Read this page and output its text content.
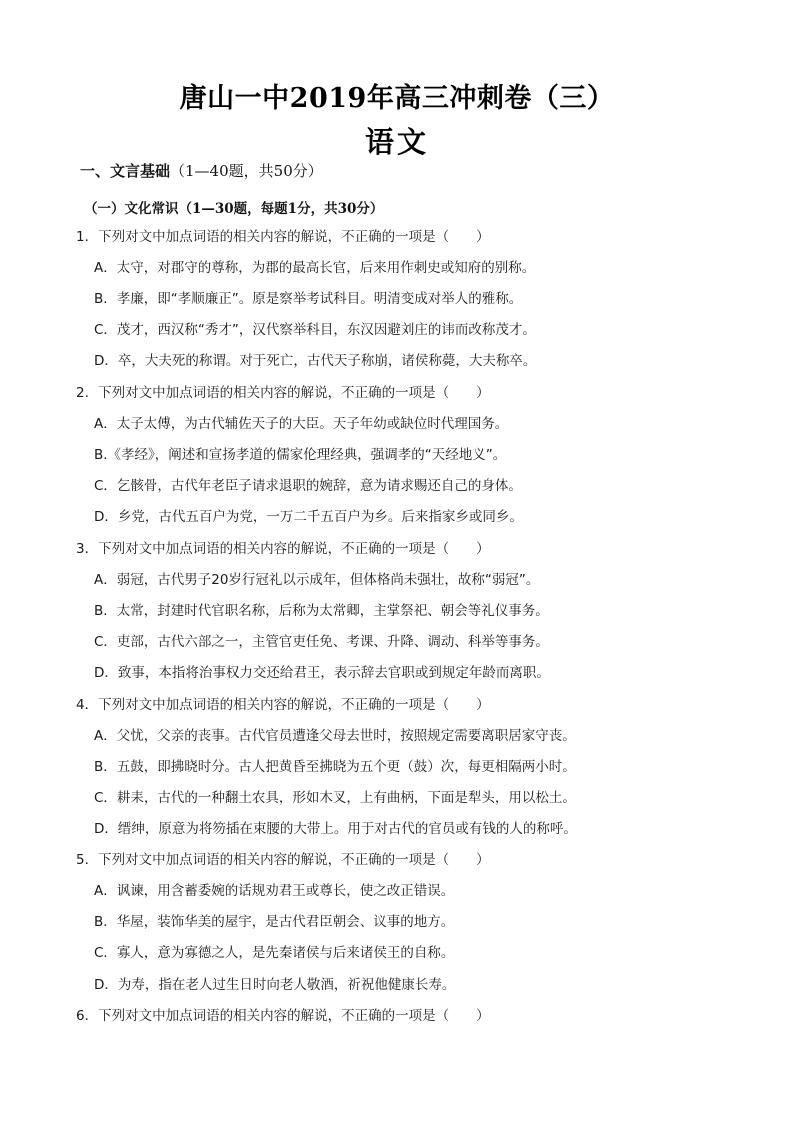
唐山一中2019年高三冲刺卷（三）
语文
一、文言基础（1—40题，共50分）
（一）文化常识（1—30题，每题1分，共30分）
1．下列对文中加点词语的相关内容的解说，不正确的一项是（　　）
A．太守，对郡守的尊称，为郡的最高长官，后来用作刺史或知府的别称。
B．孝廉，即“孝顺廉正”。原是察举考试科目。明清变成对举人的雅称。
C．茂才，西汉称“秀才”，汉代察举科目，东汉因避刘庄的讳而改称茂才。
D．卒，大夫死的称谓。对于死亡，古代天子称崩，诸侯称薨，大夫称卒。
2．下列对文中加点词语的相关内容的解说，不正确的一项是（　　）
A．太子太傅，为古代辅佐天子的大臣。天子年幼或缺位时代理国务。
B.《孝经》，阐述和宣扬孝道的儒家伦理经典，强调孝的“天经地义”。
C．乞骸骨，古代年老臣子请求退职的婉辞，意为请求赐还自己的身体。
D．乡党，古代五百户为党，一万二千五百户为乡。后来指家乡或同乡。
3．下列对文中加点词语的相关内容的解说，不正确的一项是（　　）
A．弱冠，古代男子20岁行冠礼以示成年，但体格尚未强壮，故称“弱冠”。
B．太常，封建时代官职名称，后称为太常卿，主掌祭祀、朝会等礼仪事务。
C．吏部，古代六部之一，主管官吏任免、考课、升降、调动、科举等事务。
D．致事，本指将治事权力交还给君王，表示辞去官职或到规定年龄而离职。
4．下列对文中加点词语的相关内容的解说，不正确的一项是（　　）
A．父忧，父亲的丧事。古代官员遭逢父母去世时，按照规定需要离职居家守丧。
B．五鼓，即拂晓时分。古人把黄昏至拂晓为五个更（鼓）次，每更相隔两小时。
C．耕耒，古代的一种翻土农具，形如木叉，上有曲柄，下面是犁头，用以松土。
D．缙绅，原意为将笏插在束腰的大带上。用于对古代的官员或有钱的人的称呼。
5．下列对文中加点词语的相关内容的解说，不正确的一项是（　　）
A．讽谏，用含蓄委婉的话规劝君王或尊长，使之改正错误。
B．华屋，装饰华美的屋宇，是古代君臣朝会、议事的地方。
C．寡人，意为寡德之人，是先秦诸侯与后来诸侯王的自称。
D．为寿，指在老人过生日时向老人敬酒，祈祝他健康长寿。
6．下列对文中加点词语的相关内容的解说，不正确的一项是（　　）
